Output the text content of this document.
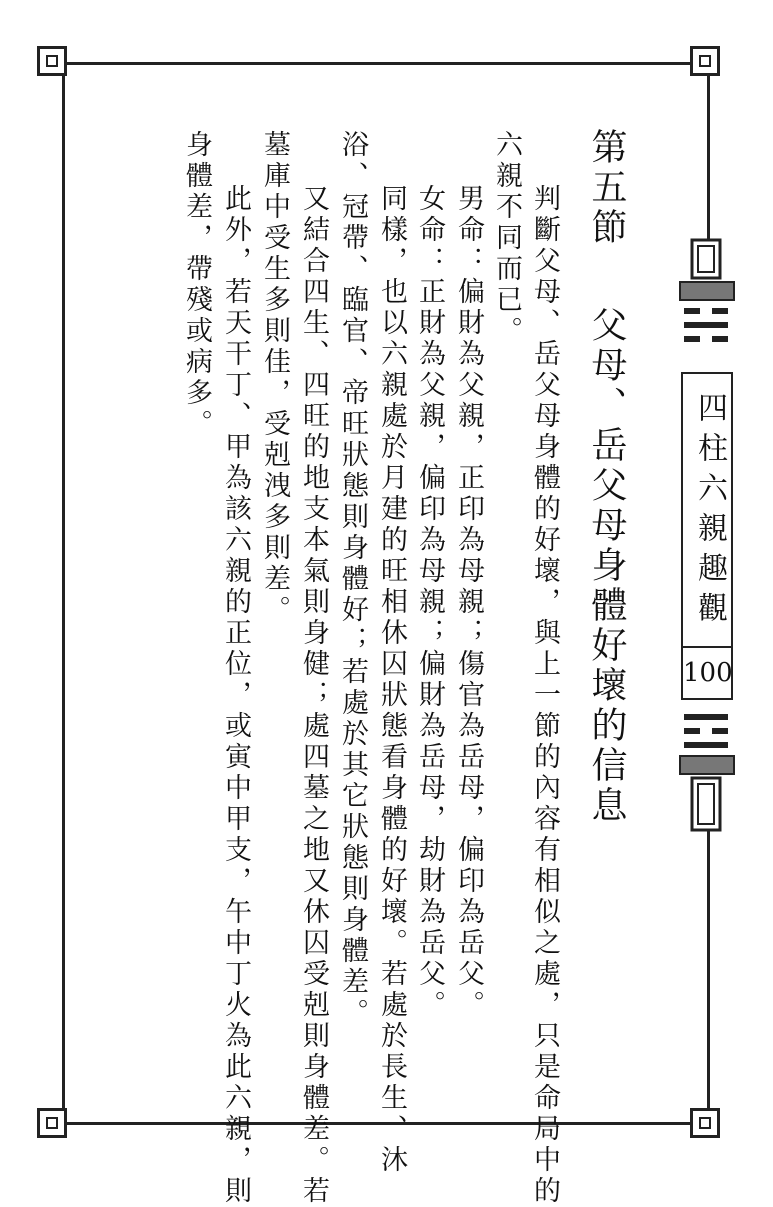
四柱六親趣觀
100
第五節父母、岳父母身體好壞的信息
判斷父母、岳父母身體的好壞，與上一節的內容有相似之處，只是命局中的
六親不同而已。
男命：偏財為父親，正印為母親；傷官為岳母，偏印為岳父。
女命：正財為父親，偏印為母親；偏財為岳母，劫財為岳父。
同樣，也以六親處於月建的旺相休囚狀態看身體的好壞。若處於長生、沐
浴、冠帶、臨官、帝旺狀態則身體好；若處於其它狀態則身體差。
又結合四生、四旺的地支本氣則身健；處四墓之地又休囚受剋則身體差。若
墓庫中受生多則佳，受剋洩多則差。
此外，若天干丁、甲為該六親的正位，或寅中甲支，午中丁火為此六親，則
身體差，帶殘或病多。
